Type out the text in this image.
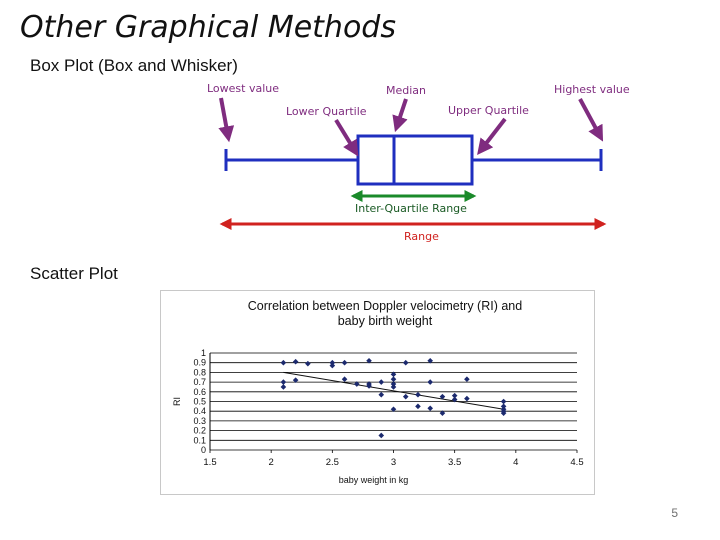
Other Graphical Methods
Box Plot (Box and Whisker)
Lowest value	Median	Highest value
Lower Quartile	Upper Quartile
Inter-Quartile Range
Range
Scatter Plot
Correlation between Doppler velocimetry (RI) and
baby birth weight
0
0.1
0.2
0.3
0.4
0.5
0.6
0.7
0.8
0.9
1
1.5	2	2.5	3	3.5	4	4.5
RI
baby weight in kg
5
